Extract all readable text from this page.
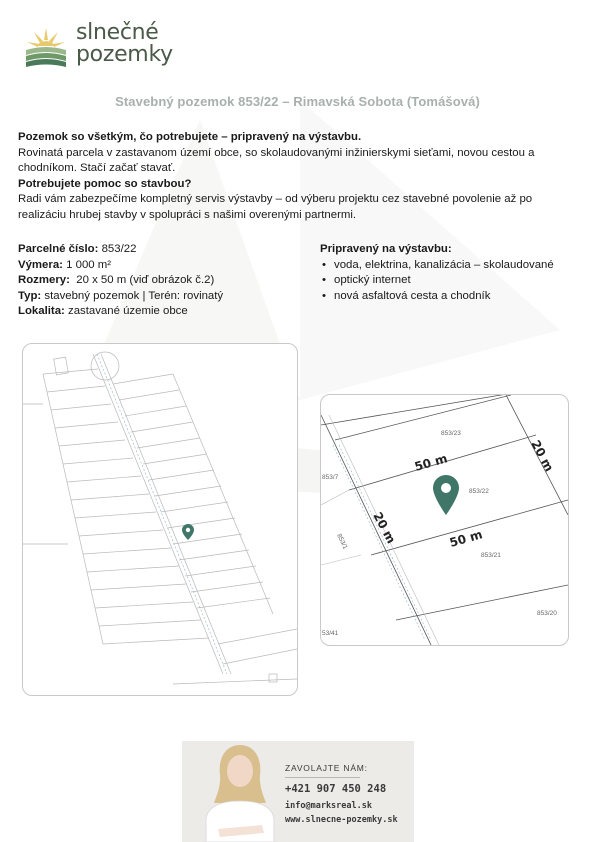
slnečné
pozemky
Stavebný pozemok 853/22 – Rimavská Sobota (Tomášová)

Pozemok so všetkým, čo potrebujete – pripravený na výstavbu.

Rovinatá parcela v zastavanom území obce, so skolaudovanými inžinierskymi sieťami, novou cestou a chodníkom. Stačí začať stavať.

Potrebujete pomoc so stavbou?

Radi vám zabezpečíme kompletný servis výstavby – od výberu projektu cez stavebné povolenie až po realizáciu hrubej stavby v spolupráci s našimi overenými partnermi.

Parcelné číslo: 853/22
Výmera: 1 000 m²
Rozmery:  20 x 50 m (viď obrázok č.2)
Typ: stavebný pozemok | Terén: rovinatý
Lokalita: zastavané územie obce
Pripravený na výstavbu:
• voda, elektrina, kanalizácia – skolaudované
• optický internet
• nová asfaltová cesta a chodník
853/23
853/22
853/21
853/20
853/7
53/41
853/1
50 m
50 m
20 m
20 m
ZAVOLAJTE NÁM:
+421 907 450 248
info@marksreal.sk
www.slnecne-pozemky.sk
